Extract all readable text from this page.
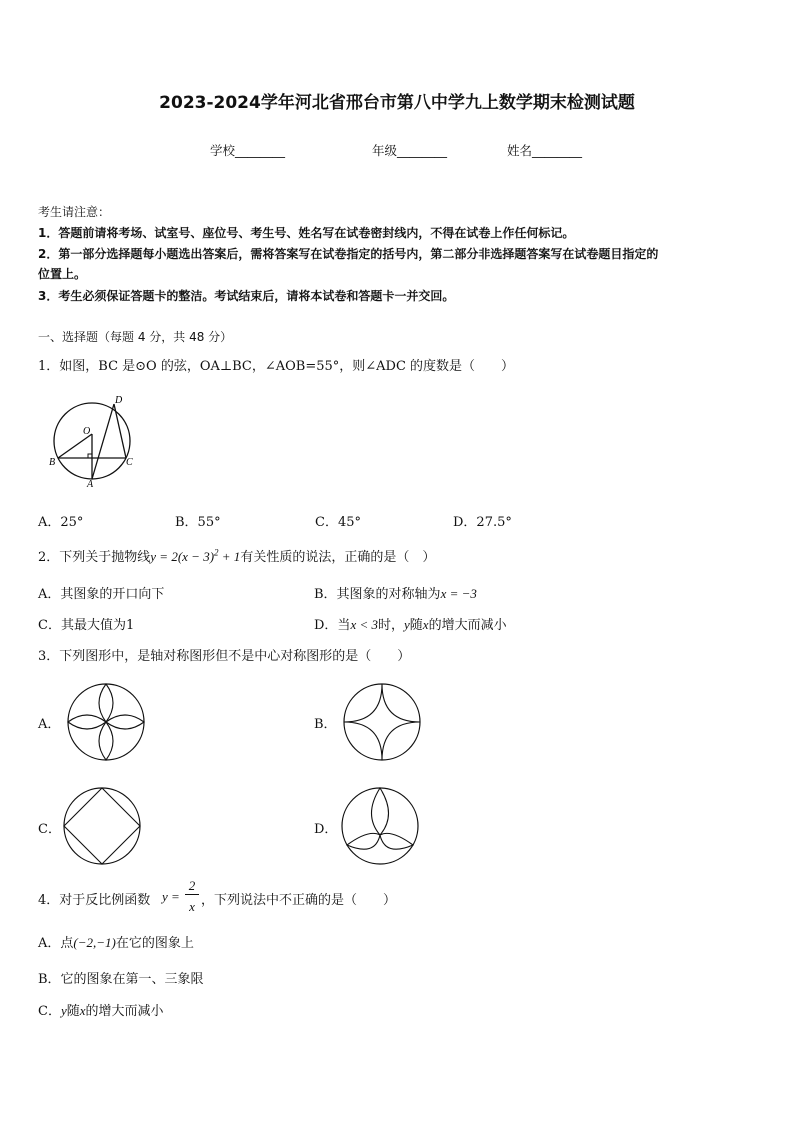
2023-2024学年河北省邢台市第八中学九上数学期末检测试题
学校________	年级________	姓名________
考生请注意：
1．答题前请将考场、试室号、座位号、考生号、姓名写在试卷密封线内，不得在试卷上作任何标记。
2．第一部分选择题每小题选出答案后，需将答案写在试卷指定的括号内，第二部分非选择题答案写在试卷题目指定的
位置上。
3．考生必须保证答题卡的整洁。考试结束后，请将本试卷和答题卡一并交回。
一、选择题（每题 4 分，共 48 分）
1．如图，BC 是⊙O 的弦，OA⊥BC，∠AOB=55°，则∠ADC 的度数是（　　）
O
D
B	C
A
A．25°	B．55°	C．45°	D．27.5°
2．下列关于抛物线$y = 2(x - 3)^2 + 1$有关性质的说法，正确的是（　）
A．其图象的开口向下	B．其图象的对称轴为x = −3
C．其最大值为1	D．当x < 3时，y随x的增大而减小
3．下列图形中，是轴对称图形但不是中心对称图形的是（　　）
A．	B．
C．	D．
4．对于反比例函数 y =
2
x ，下列说法中不正确的是（　　）
A．点(−2,−1)在它的图象上
B．它的图象在第一、三象限
C．y随x的增大而减小
